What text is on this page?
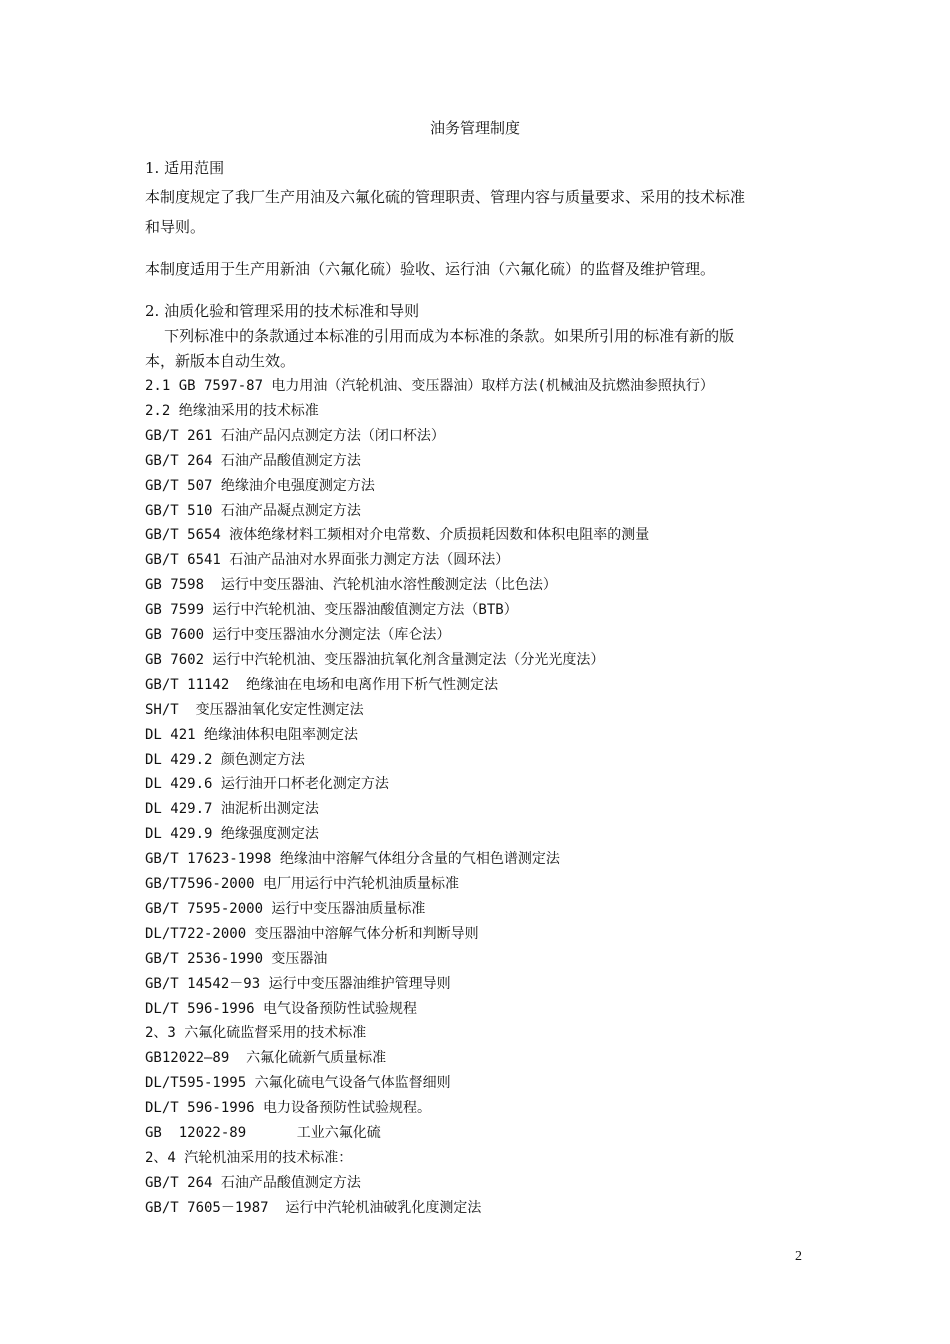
油务管理制度
1. 适用范围
本制度规定了我厂生产用油及六氟化硫的管理职责、管理内容与质量要求、采用的技术标准
和导则。
本制度适用于生产用新油（六氟化硫）验收、运行油（六氟化硫）的监督及维护管理。
2. 油质化验和管理采用的技术标准和导则
下列标准中的条款通过本标准的引用而成为本标准的条款。如果所引用的标准有新的版
本，新版本自动生效。
2.1 GB 7597-87 电力用油（汽轮机油、变压器油）取样方法(机械油及抗燃油参照执行）
2.2 绝缘油采用的技术标准
GB/T 261 石油产品闪点测定方法（闭口杯法）
GB/T 264 石油产品酸值测定方法
GB/T 507 绝缘油介电强度测定方法
GB/T 510 石油产品凝点测定方法
GB/T 5654 液体绝缘材料工频相对介电常数、介质损耗因数和体积电阻率的测量
GB/T 6541 石油产品油对水界面张力测定方法（圆环法）
GB 7598  运行中变压器油、汽轮机油水溶性酸测定法（比色法）
GB 7599 运行中汽轮机油、变压器油酸值测定方法（BTB）
GB 7600 运行中变压器油水分测定法（库仑法）
GB 7602 运行中汽轮机油、变压器油抗氧化剂含量测定法（分光光度法）
GB/T 11142  绝缘油在电场和电离作用下析气性测定法
SH/T  变压器油氧化安定性测定法
DL 421 绝缘油体积电阻率测定法
DL 429.2 颜色测定方法
DL 429.6 运行油开口杯老化测定方法
DL 429.7 油泥析出测定法
DL 429.9 绝缘强度测定法
GB/T 17623-1998 绝缘油中溶解气体组分含量的气相色谱测定法
GB/T7596-2000 电厂用运行中汽轮机油质量标准
GB/T 7595-2000 运行中变压器油质量标准
DL/T722-2000 变压器油中溶解气体分析和判断导则
GB/T 2536-1990 变压器油
GB/T 14542－93 运行中变压器油维护管理导则
DL/T 596-1996 电气设备预防性试验规程
2、3 六氟化硫监督采用的技术标准
GB12022—89  六氟化硫新气质量标准
DL/T595-1995 六氟化硫电气设备气体监督细则
DL/T 596-1996 电力设备预防性试验规程。
GB  12022-89      工业六氟化硫
2、4 汽轮机油采用的技术标准：
GB/T 264 石油产品酸值测定方法
GB/T 7605－1987  运行中汽轮机油破乳化度测定法
2
